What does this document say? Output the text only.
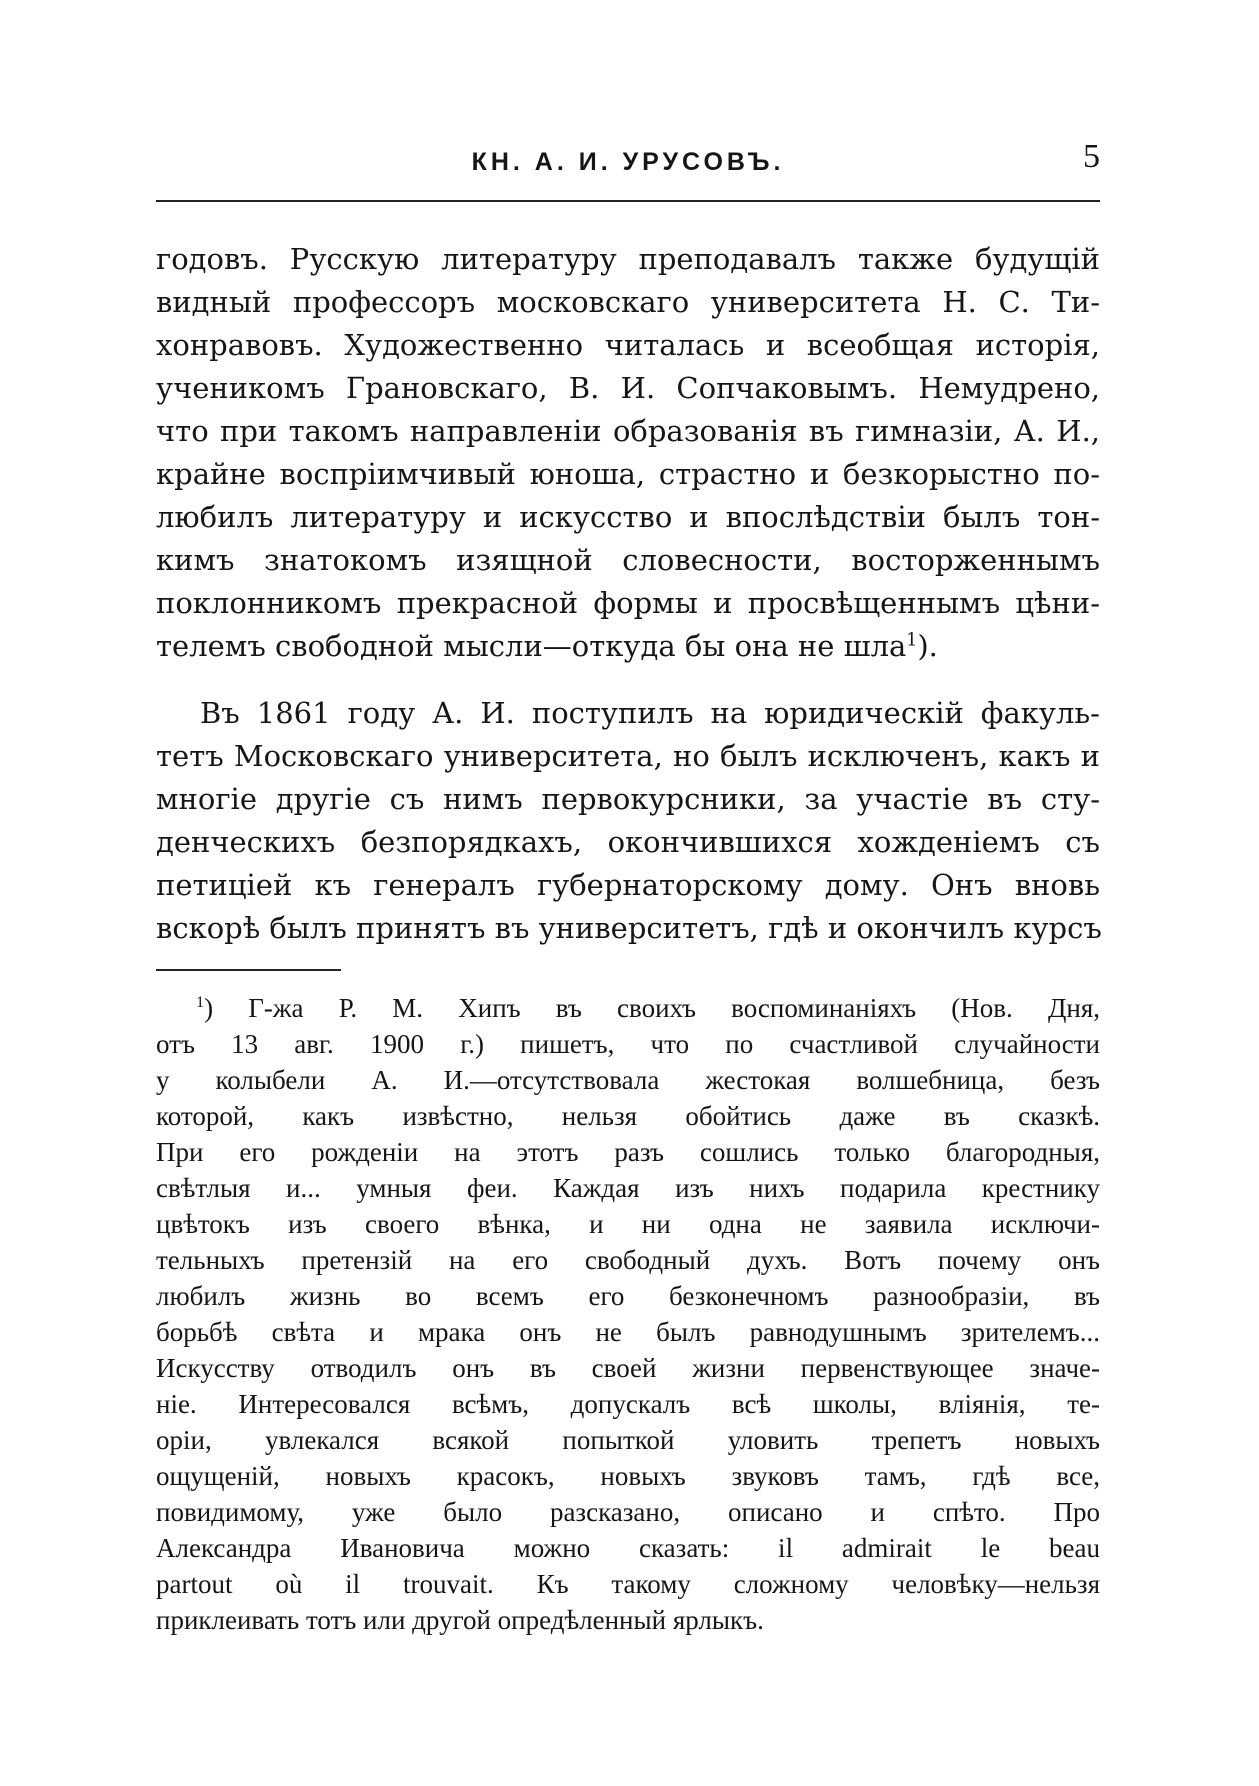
КН. А. И. УРУСОВЪ.	5
годовъ. Русскую литературу преподавалъ также будущій
видный профессоръ московскаго университета Н. С. Ти-
хонравовъ. Художественно читалась и всеобщая исторія,
ученикомъ Грановскаго, В. И. Сопчаковымъ. Немудрено,
что при такомъ направленіи образованія въ гимназіи, А. И.,
крайне воспріимчивый юноша, страстно и безкорыстно по-
любилъ литературу и искусство и впослѣдствіи былъ тон-
кимъ знатокомъ изящной словесности, восторженнымъ
поклонникомъ прекрасной формы и просвѣщеннымъ цѣни-
телемъ свободной мысли—откуда бы она не шла$^1$).
Въ 1861 году А. И. поступилъ на юридическій факуль-
тетъ Московскаго университета, но былъ исключенъ, какъ и
многіе другіе съ нимъ первокурсники, за участіе въ сту-
денческихъ безпорядкахъ, окончившихся хожденіемъ съ
петиціей къ генералъ губернаторскому дому. Онъ вновь
вскорѣ былъ принятъ въ университетъ, гдѣ и окончилъ курсъ
$^1$) Г-жа Р. М. Хипъ въ своихъ воспоминаніяхъ (Нов. Дня,
отъ 13 авг. 1900 г.) пишетъ, что по счастливой случайности
у колыбели А. И.—отсутствовала жестокая волшебница, безъ
которой, какъ извѣстно, нельзя обойтись даже въ сказкѣ.
При его рожденіи на этотъ разъ сошлись только благородныя,
свѣтлыя и... умныя феи. Каждая изъ нихъ подарила крестнику
цвѣтокъ изъ своего вѣнка, и ни одна не заявила исключи-
тельныхъ претензій на его свободный духъ. Вотъ почему онъ
любилъ жизнь во всемъ его безконечномъ разнообразіи, въ
борьбѣ свѣта и мрака онъ не былъ равнодушнымъ зрителемъ...
Искусству отводилъ онъ въ своей жизни первенствующее значе-
ніе. Интересовался всѣмъ, допускалъ всѣ школы, вліянія, те-
оріи, увлекался всякой попыткой уловить трепетъ новыхъ
ощущеній, новыхъ красокъ, новыхъ звуковъ тамъ, гдѣ все,
повидимому, уже было разсказано, описано и спѣто. Про
Александра Ивановича можно сказать: il admirait le beau
partout où il trouvait. Къ такому сложному человѣку—нельзя
приклеивать тотъ или другой опредѣленный ярлыкъ.
